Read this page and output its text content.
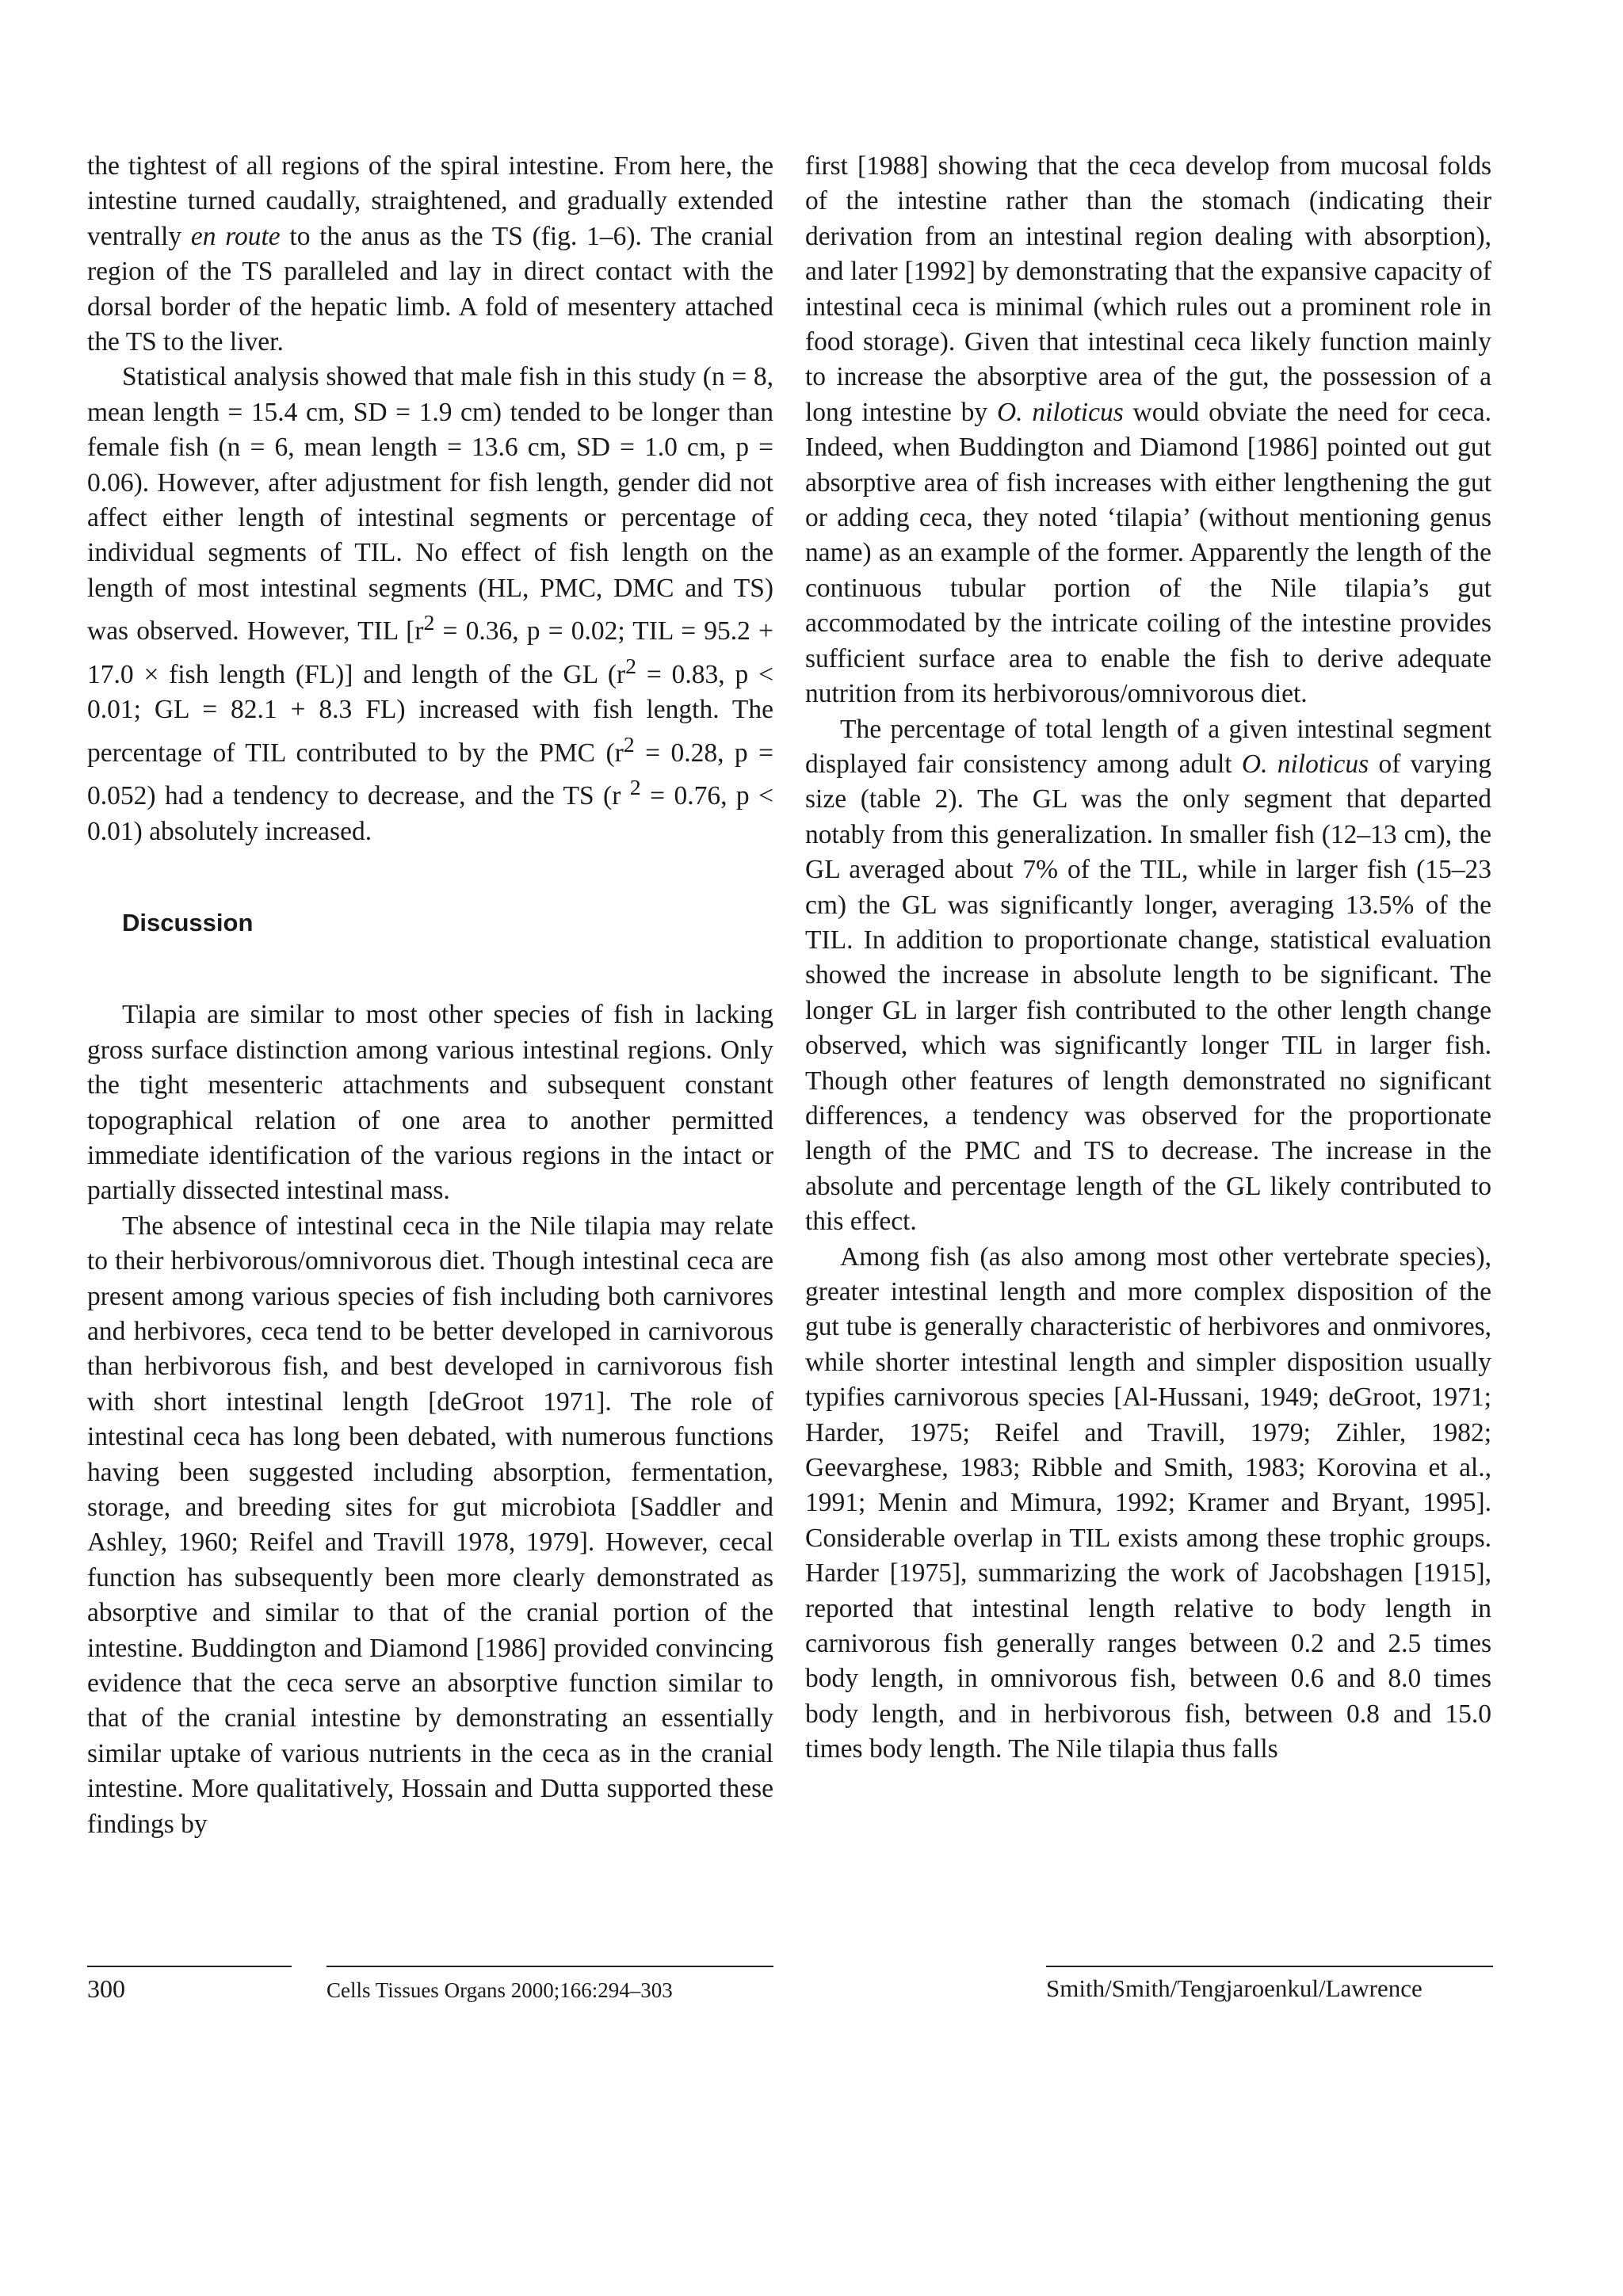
the tightest of all regions of the spiral intestine. From here, the intestine turned caudally, straightened, and gradually extended ventrally en route to the anus as the TS (fig. 1–6). The cranial region of the TS paralleled and lay in direct contact with the dorsal border of the hepatic limb. A fold of mesentery attached the TS to the liver.

Statistical analysis showed that male fish in this study (n = 8, mean length = 15.4 cm, SD = 1.9 cm) tended to be longer than female fish (n = 6, mean length = 13.6 cm, SD = 1.0 cm, p = 0.06). However, after adjustment for fish length, gender did not affect either length of intestinal segments or percentage of individual segments of TIL. No effect of fish length on the length of most intestinal segments (HL, PMC, DMC and TS) was observed. However, TIL [$r^2 = 0.36$, p = 0.02; TIL = 95.2 + 17.0 × fish length (FL)] and length of the GL ($r^2 = 0.83$, p < 0.01; GL = 82.1 + 8.3 FL) increased with fish length. The percentage of TIL contributed to by the PMC ($r^2 = 0.28$, p = 0.052) had a tendency to decrease, and the TS (r $^2$ = 0.76, p < 0.01) absolutely increased.

Discussion

Tilapia are similar to most other species of fish in lacking gross surface distinction among various intestinal regions. Only the tight mesenteric attachments and subsequent constant topographical relation of one area to another permitted immediate identification of the various regions in the intact or partially dissected intestinal mass.

The absence of intestinal ceca in the Nile tilapia may relate to their herbivorous/omnivorous diet. Though intestinal ceca are present among various species of fish including both carnivores and herbivores, ceca tend to be better developed in carnivorous than herbivorous fish, and best developed in carnivorous fish with short intestinal length [deGroot 1971]. The role of intestinal ceca has long been debated, with numerous functions having been suggested including absorption, fermentation, storage, and breeding sites for gut microbiota [Saddler and Ashley, 1960; Reifel and Travill 1978, 1979]. However, cecal function has subsequently been more clearly demonstrated as absorptive and similar to that of the cranial portion of the intestine. Buddington and Diamond [1986] provided convincing evidence that the ceca serve an absorptive function similar to that of the cranial intestine by demonstrating an essentially similar uptake of various nutrients in the ceca as in the cranial intestine. More qualitatively, Hossain and Dutta supported these findings by

first [1988] showing that the ceca develop from mucosal folds of the intestine rather than the stomach (indicating their derivation from an intestinal region dealing with absorption), and later [1992] by demonstrating that the expansive capacity of intestinal ceca is minimal (which rules out a prominent role in food storage). Given that intestinal ceca likely function mainly to increase the absorptive area of the gut, the possession of a long intestine by O. niloticus would obviate the need for ceca. Indeed, when Buddington and Diamond [1986] pointed out gut absorptive area of fish increases with either lengthening the gut or adding ceca, they noted ‘tilapia’ (without mentioning genus name) as an example of the former. Apparently the length of the continuous tubular portion of the Nile tilapia’s gut accommodated by the intricate coiling of the intestine provides sufficient surface area to enable the fish to derive adequate nutrition from its herbivorous/omnivorous diet.

The percentage of total length of a given intestinal segment displayed fair consistency among adult O. niloticus of varying size (table 2). The GL was the only segment that departed notably from this generalization. In smaller fish (12–13 cm), the GL averaged about 7% of the TIL, while in larger fish (15–23 cm) the GL was significantly longer, averaging 13.5% of the TIL. In addition to proportionate change, statistical evaluation showed the increase in absolute length to be significant. The longer GL in larger fish contributed to the other length change observed, which was significantly longer TIL in larger fish. Though other features of length demonstrated no significant differences, a tendency was observed for the proportionate length of the PMC and TS to decrease. The increase in the absolute and percentage length of the GL likely contributed to this effect.

Among fish (as also among most other vertebrate species), greater intestinal length and more complex disposition of the gut tube is generally characteristic of herbivores and onmivores, while shorter intestinal length and simpler disposition usually typifies carnivorous species [Al-Hussani, 1949; deGroot, 1971; Harder, 1975; Reifel and Travill, 1979; Zihler, 1982; Geevarghese, 1983; Ribble and Smith, 1983; Korovina et al., 1991; Menin and Mimura, 1992; Kramer and Bryant, 1995]. Considerable overlap in TIL exists among these trophic groups. Harder [1975], summarizing the work of Jacobshagen [1915], reported that intestinal length relative to body length in carnivorous fish generally ranges between 0.2 and 2.5 times body length, in omnivorous fish, between 0.6 and 8.0 times body length, and in herbivorous fish, between 0.8 and 15.0 times body length. The Nile tilapia thus falls

300	Cells Tissues Organs 2000;166:294–303	Smith/Smith/Tengjaroenkul/Lawrence
